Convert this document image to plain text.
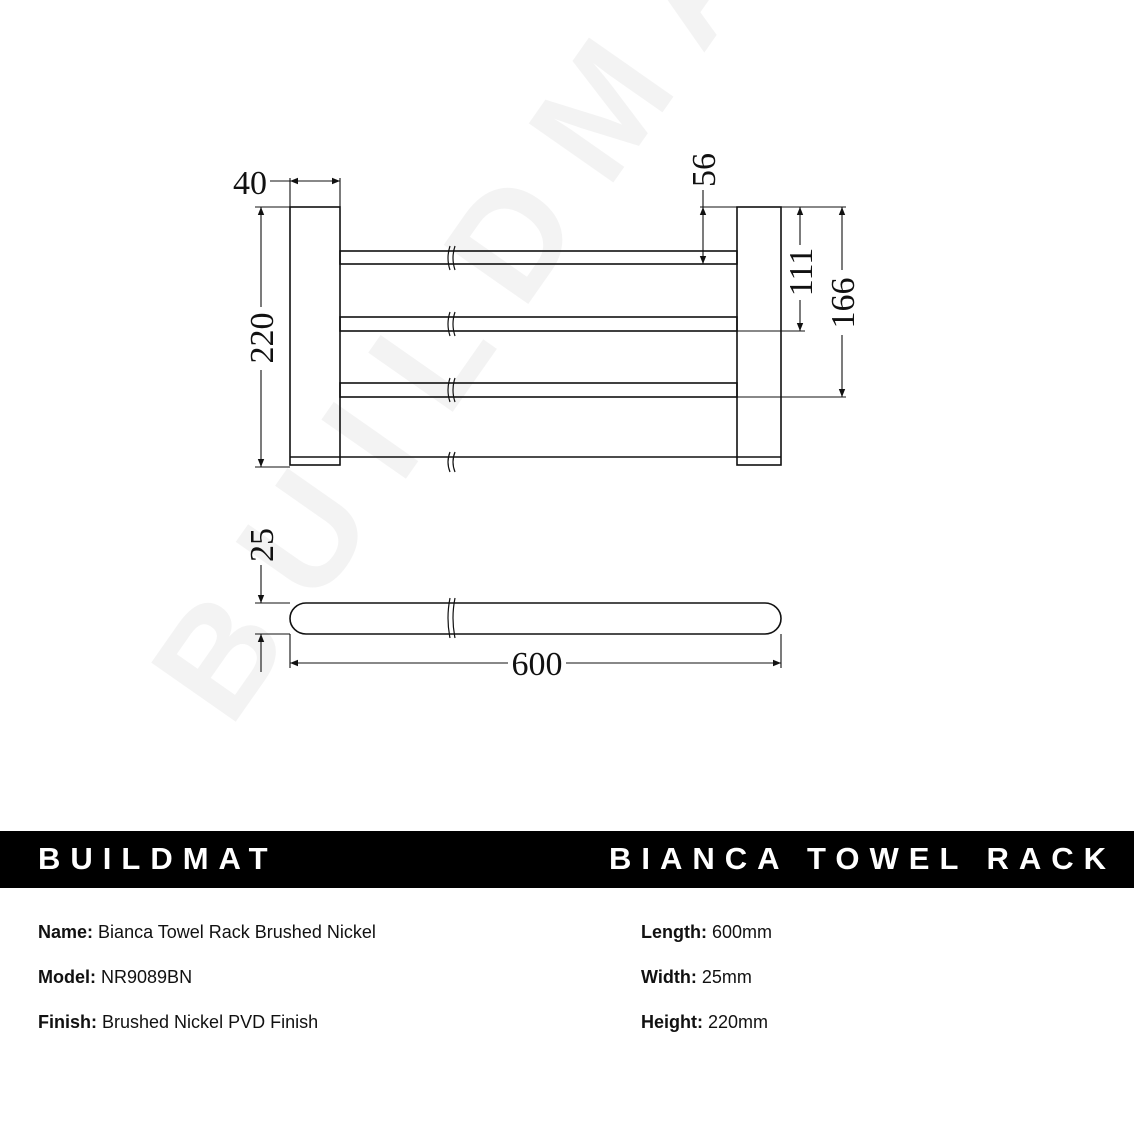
40
220
56
111
166
25
600
BUILDMAT	BIANCA TOWEL RACK
Name: Bianca Towel Rack Brushed Nickel
Model: NR9089BN
Finish: Brushed Nickel PVD Finish
Length: 600mm
Width: 25mm
Height: 220mm
